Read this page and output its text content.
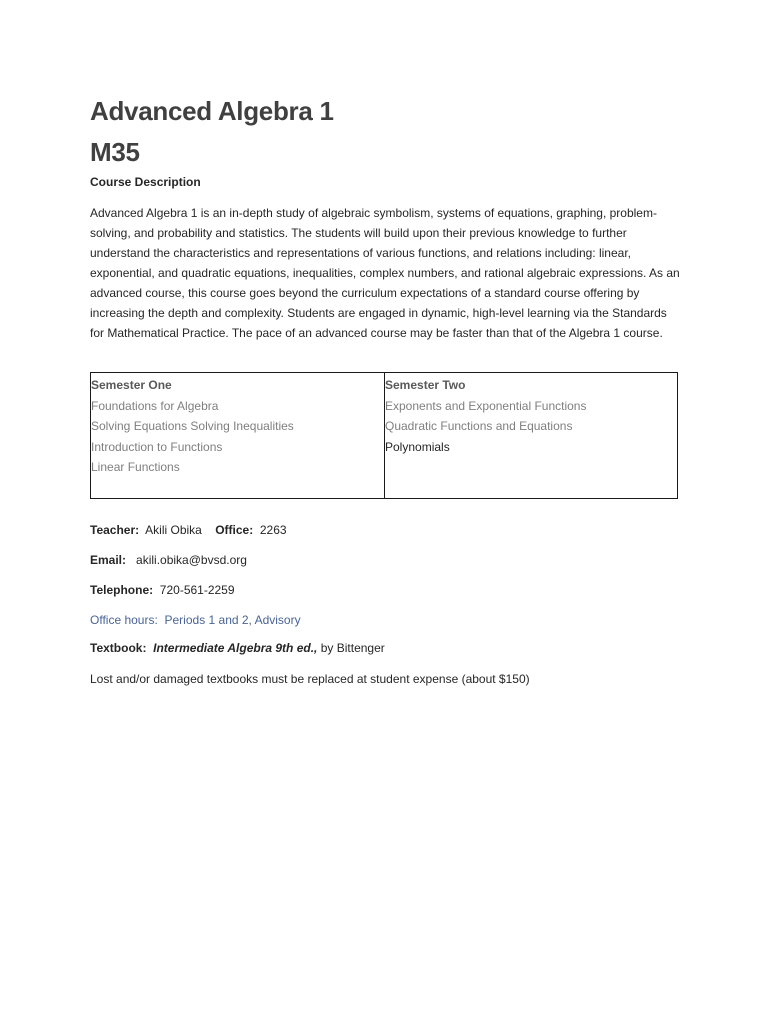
Advanced Algebra 1
M35
Course Description

Advanced Algebra 1 is an in-depth study of algebraic symbolism, systems of equations, graphing, problem-solving, and probability and statistics. The students will build upon their previous knowledge to further understand the characteristics and representations of various functions, and relations including: linear, exponential, and quadratic equations, inequalities, complex numbers, and rational algebraic expressions. As an advanced course, this course goes beyond the curriculum expectations of a standard course offering by increasing the depth and complexity. Students are engaged in dynamic, high-level learning via the Standards for Mathematical Practice. The pace of an advanced course may be faster than that of the Algebra 1 course.

Semester One
Foundations for Algebra
Solving Equations Solving Inequalities
Introduction to Functions
Linear Functions

Semester Two
Exponents and Exponential Functions
Quadratic Functions and Equations
Polynomials
Teacher: Akili Obika Office: 2263
Email: akili.obika@bvsd.org
Telephone: 720-561-2259
Office hours:  Periods 1 and 2, Advisory
Textbook: Intermediate Algebra 9th ed., by Bittenger
Lost and/or damaged textbooks must be replaced at student expense (about $150)
